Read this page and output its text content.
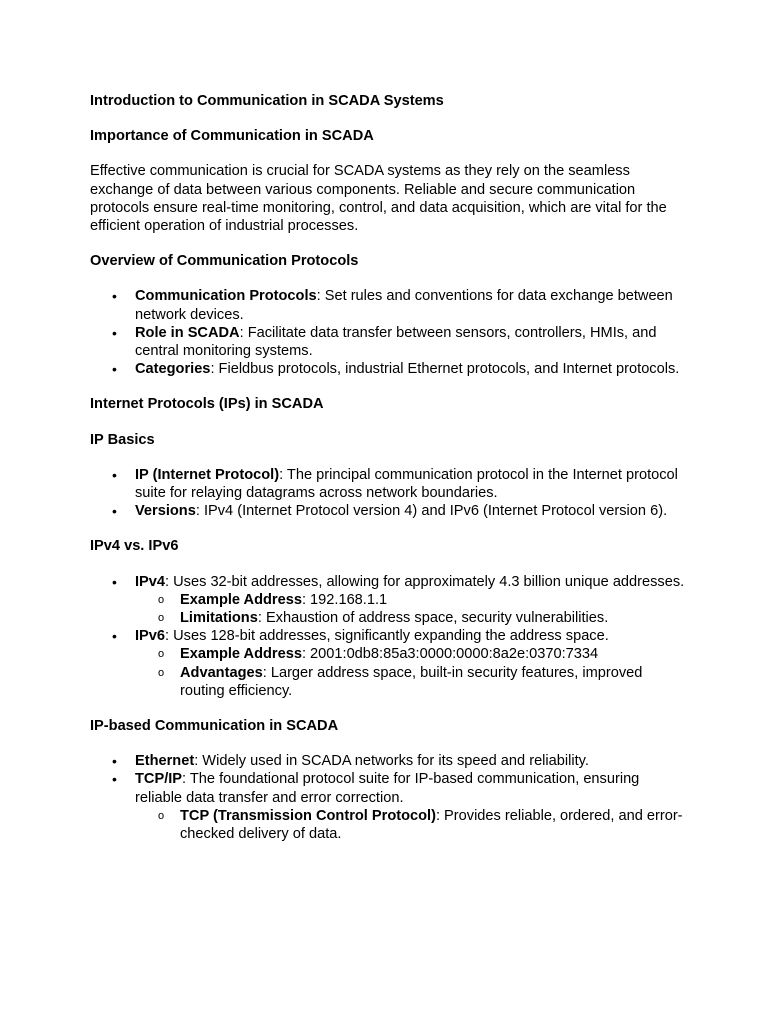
Introduction to Communication in SCADA Systems

Importance of Communication in SCADA

Effective communication is crucial for SCADA systems as they rely on the seamless exchange of data between various components. Reliable and secure communication protocols ensure real-time monitoring, control, and data acquisition, which are vital for the efficient operation of industrial processes.

Overview of Communication Protocols

• Communication Protocols: Set rules and conventions for data exchange between network devices.
• Role in SCADA: Facilitate data transfer between sensors, controllers, HMIs, and central monitoring systems.
• Categories: Fieldbus protocols, industrial Ethernet protocols, and Internet protocols.

Internet Protocols (IPs) in SCADA

IP Basics

• IP (Internet Protocol): The principal communication protocol in the Internet protocol suite for relaying datagrams across network boundaries.
• Versions: IPv4 (Internet Protocol version 4) and IPv6 (Internet Protocol version 6).

IPv4 vs. IPv6

• IPv4: Uses 32-bit addresses, allowing for approximately 4.3 billion unique addresses.
o Example Address: 192.168.1.1
o Limitations: Exhaustion of address space, security vulnerabilities.
• IPv6: Uses 128-bit addresses, significantly expanding the address space.
o Example Address: 2001:0db8:85a3:0000:0000:8a2e:0370:7334
o Advantages: Larger address space, built-in security features, improved routing efficiency.

IP-based Communication in SCADA

• Ethernet: Widely used in SCADA networks for its speed and reliability.
• TCP/IP: The foundational protocol suite for IP-based communication, ensuring reliable data transfer and error correction.
o TCP (Transmission Control Protocol): Provides reliable, ordered, and error-checked delivery of data.
